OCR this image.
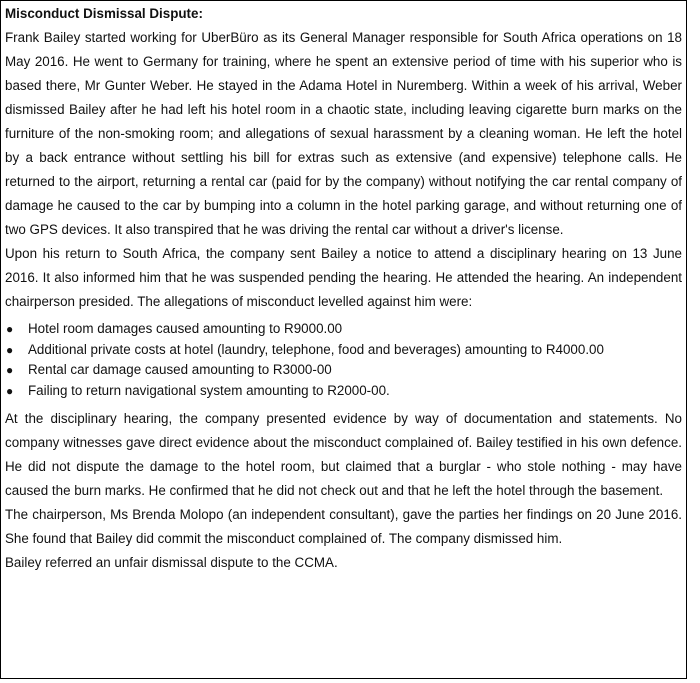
Misconduct Dismissal Dispute:

Frank Bailey started working for UberBüro as its General Manager responsible for South Africa operations on 18 May 2016. He went to Germany for training, where he spent an extensive period of time with his superior who is based there, Mr Gunter Weber. He stayed in the Adama Hotel in Nuremberg. Within a week of his arrival, Weber dismissed Bailey after he had left his hotel room in a chaotic state, including leaving cigarette burn marks on the furniture of the non-smoking room; and allegations of sexual harassment by a cleaning woman. He left the hotel by a back entrance without settling his bill for extras such as extensive (and expensive) telephone calls. He returned to the airport, returning a rental car (paid for by the company) without notifying the car rental company of damage he caused to the car by bumping into a column in the hotel parking garage, and without returning one of two GPS devices. It also transpired that he was driving the rental car without a driver's license.

Upon his return to South Africa, the company sent Bailey a notice to attend a disciplinary hearing on 13 June 2016. It also informed him that he was suspended pending the hearing. He attended the hearing. An independent chairperson presided. The allegations of misconduct levelled against him were:

● Hotel room damages caused amounting to R9000.00
● Additional private costs at hotel (laundry, telephone, food and beverages) amounting to R4000.00
● Rental car damage caused amounting to R3000-00
● Failing to return navigational system amounting to R2000-00.

At the disciplinary hearing, the company presented evidence by way of documentation and statements. No company witnesses gave direct evidence about the misconduct complained of. Bailey testified in his own defence. He did not dispute the damage to the hotel room, but claimed that a burglar - who stole nothing - may have caused the burn marks. He confirmed that he did not check out and that he left the hotel through the basement.

The chairperson, Ms Brenda Molopo (an independent consultant), gave the parties her findings on 20 June 2016. She found that Bailey did commit the misconduct complained of. The company dismissed him.

Bailey referred an unfair dismissal dispute to the CCMA.
